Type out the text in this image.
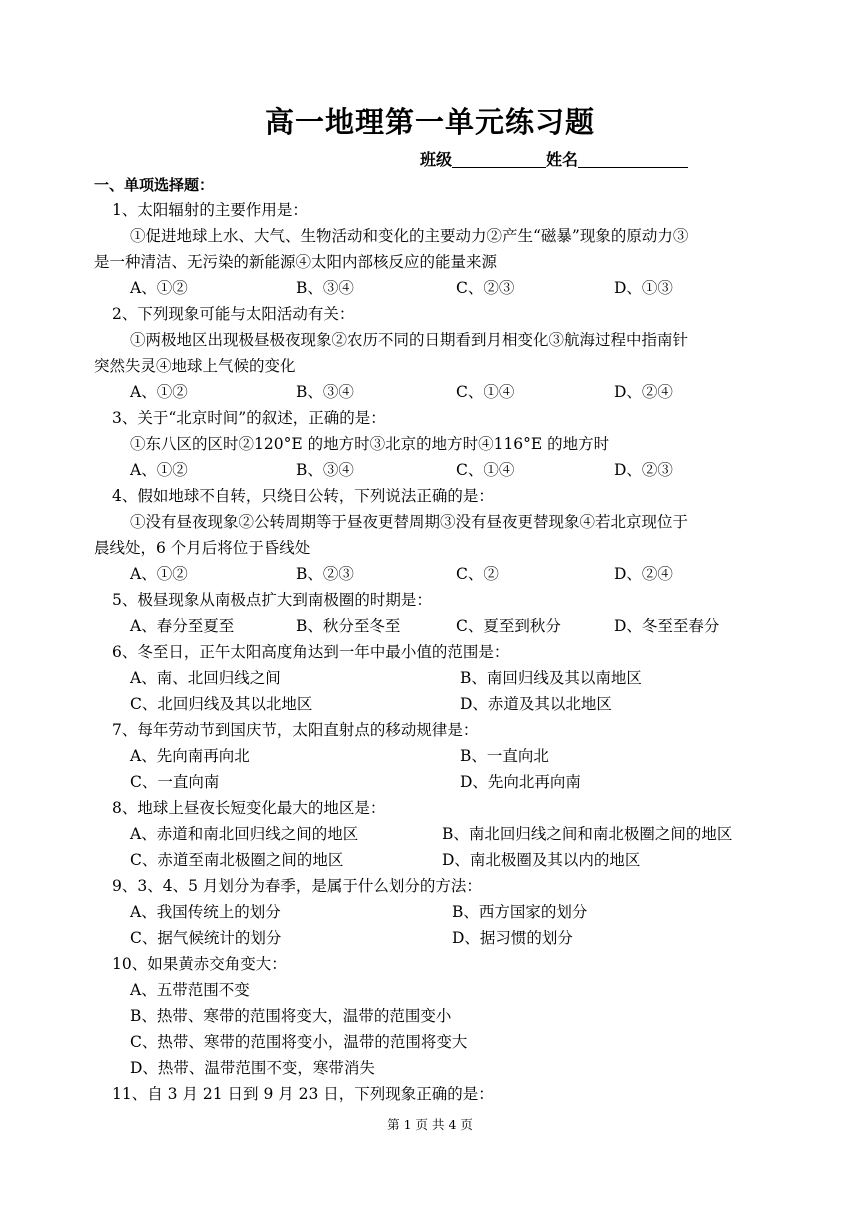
高一地理第一单元练习题
班级	姓名
一、单项选择题：
1、太阳辐射的主要作用是：
①促进地球上水、大气、生物活动和变化的主要动力②产生“磁暴”现象的原动力③
是一种清洁、无污染的新能源④太阳内部核反应的能量来源
A、①②	B、③④	C、②③	D、①③
2、下列现象可能与太阳活动有关：
①两极地区出现极昼极夜现象②农历不同的日期看到月相变化③航海过程中指南针
突然失灵④地球上气候的变化
A、①②	B、③④	C、①④	D、②④
3、关于“北京时间”的叙述，正确的是：
①东八区的区时②120°E 的地方时③北京的地方时④116°E 的地方时
A、①②	B、③④	C、①④	D、②③
4、假如地球不自转，只绕日公转，下列说法正确的是：
①没有昼夜现象②公转周期等于昼夜更替周期③没有昼夜更替现象④若北京现位于
晨线处，6 个月后将位于昏线处
A、①②	B、②③	C、②	D、②④
5、极昼现象从南极点扩大到南极圈的时期是：
A、春分至夏至	B、秋分至冬至	C、夏至到秋分	D、冬至至春分
6、冬至日，正午太阳高度角达到一年中最小值的范围是：
A、南、北回归线之间	B、南回归线及其以南地区
C、北回归线及其以北地区	D、赤道及其以北地区
7、每年劳动节到国庆节，太阳直射点的移动规律是：
A、先向南再向北	B、一直向北
C、一直向南	D、先向北再向南
8、地球上昼夜长短变化最大的地区是：
A、赤道和南北回归线之间的地区	B、南北回归线之间和南北极圈之间的地区
C、赤道至南北极圈之间的地区	D、南北极圈及其以内的地区
9、3、4、5 月划分为春季，是属于什么划分的方法：
A、我国传统上的划分	B、西方国家的划分
C、据气候统计的划分	D、据习惯的划分
10、如果黄赤交角变大：
A、五带范围不变
B、热带、寒带的范围将变大，温带的范围变小
C、热带、寒带的范围将变小，温带的范围将变大
D、热带、温带范围不变，寒带消失
11、自 3 月 21 日到 9 月 23 日，下列现象正确的是：
第 1 页 共 4 页
